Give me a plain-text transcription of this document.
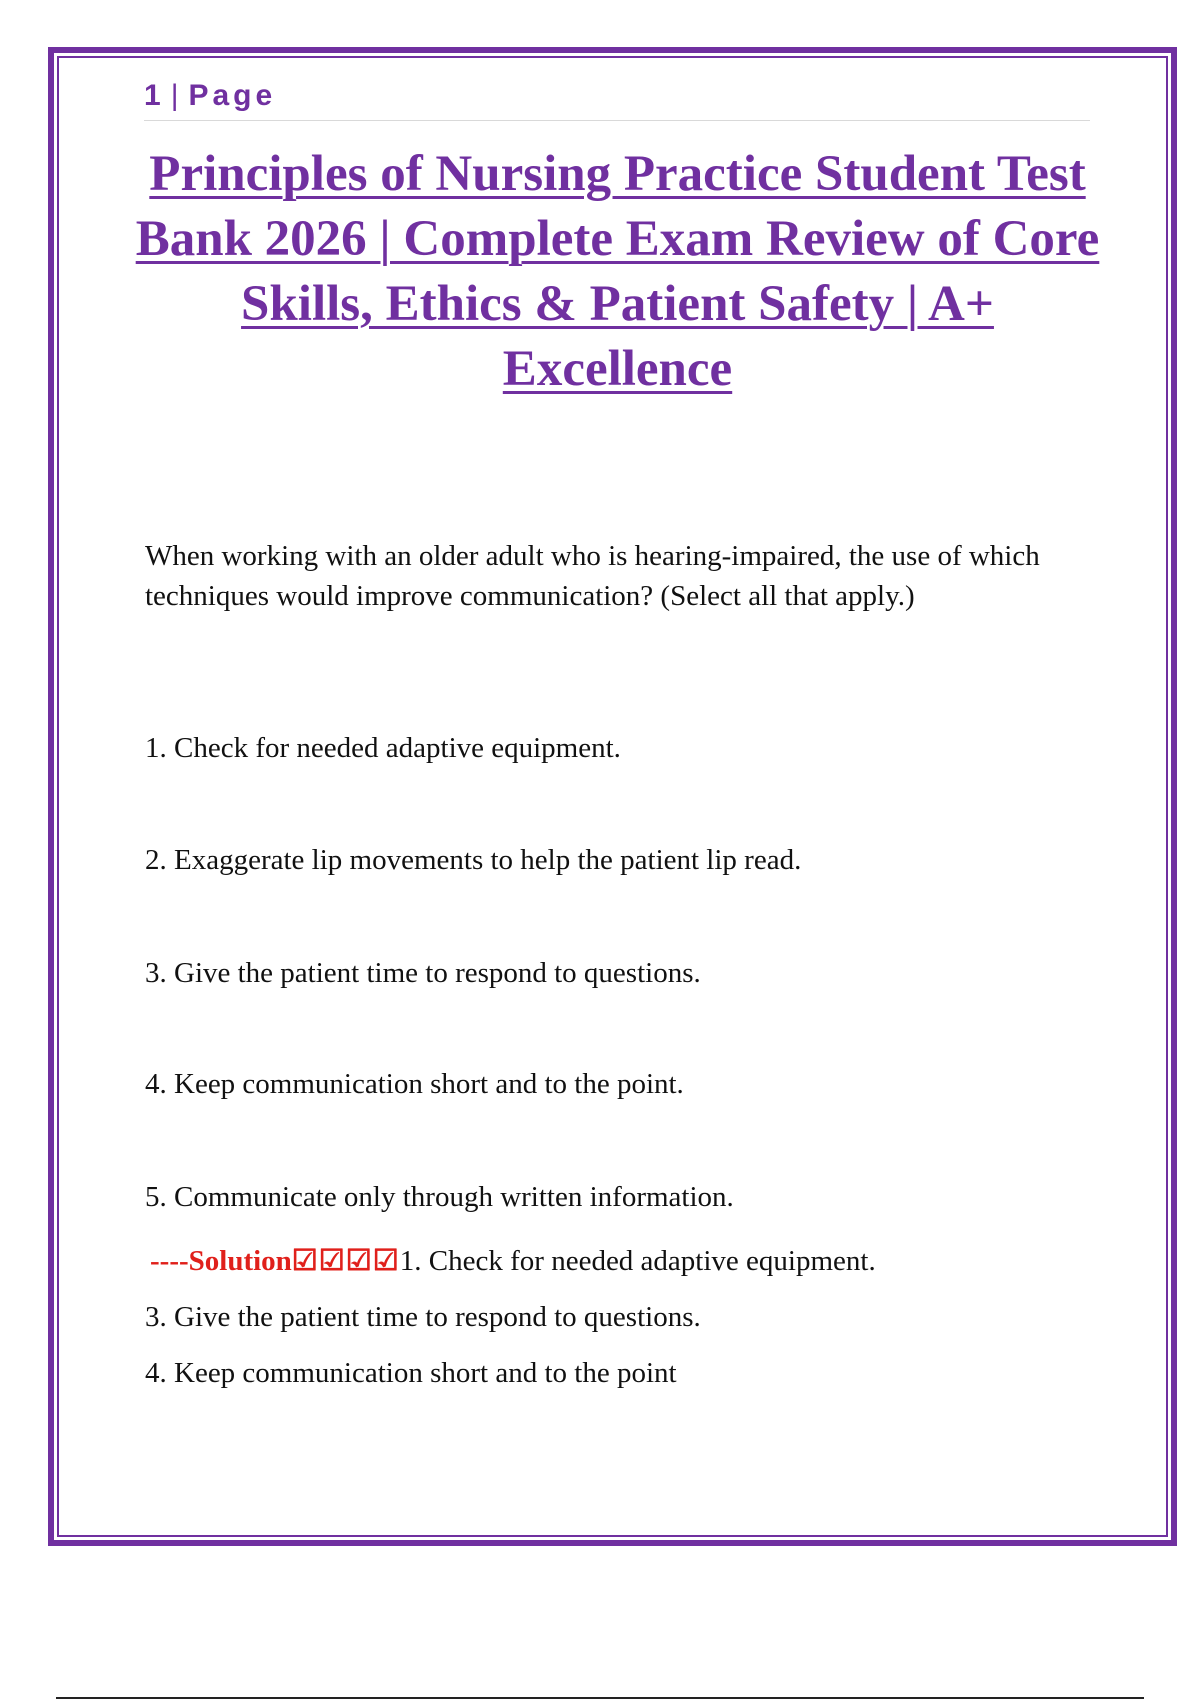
1 | Page
Principles of Nursing Practice Student Test Bank 2026 | Complete Exam Review of Core Skills, Ethics & Patient Safety | A+ Excellence
When working with an older adult who is hearing-impaired, the use of which techniques would improve communication? (Select all that apply.)
1. Check for needed adaptive equipment.
2. Exaggerate lip movements to help the patient lip read.
3. Give the patient time to respond to questions.
4. Keep communication short and to the point.
5. Communicate only through written information.
----Solution☑☑☑☑1. Check for needed adaptive equipment.
3. Give the patient time to respond to questions.
4. Keep communication short and to the point
